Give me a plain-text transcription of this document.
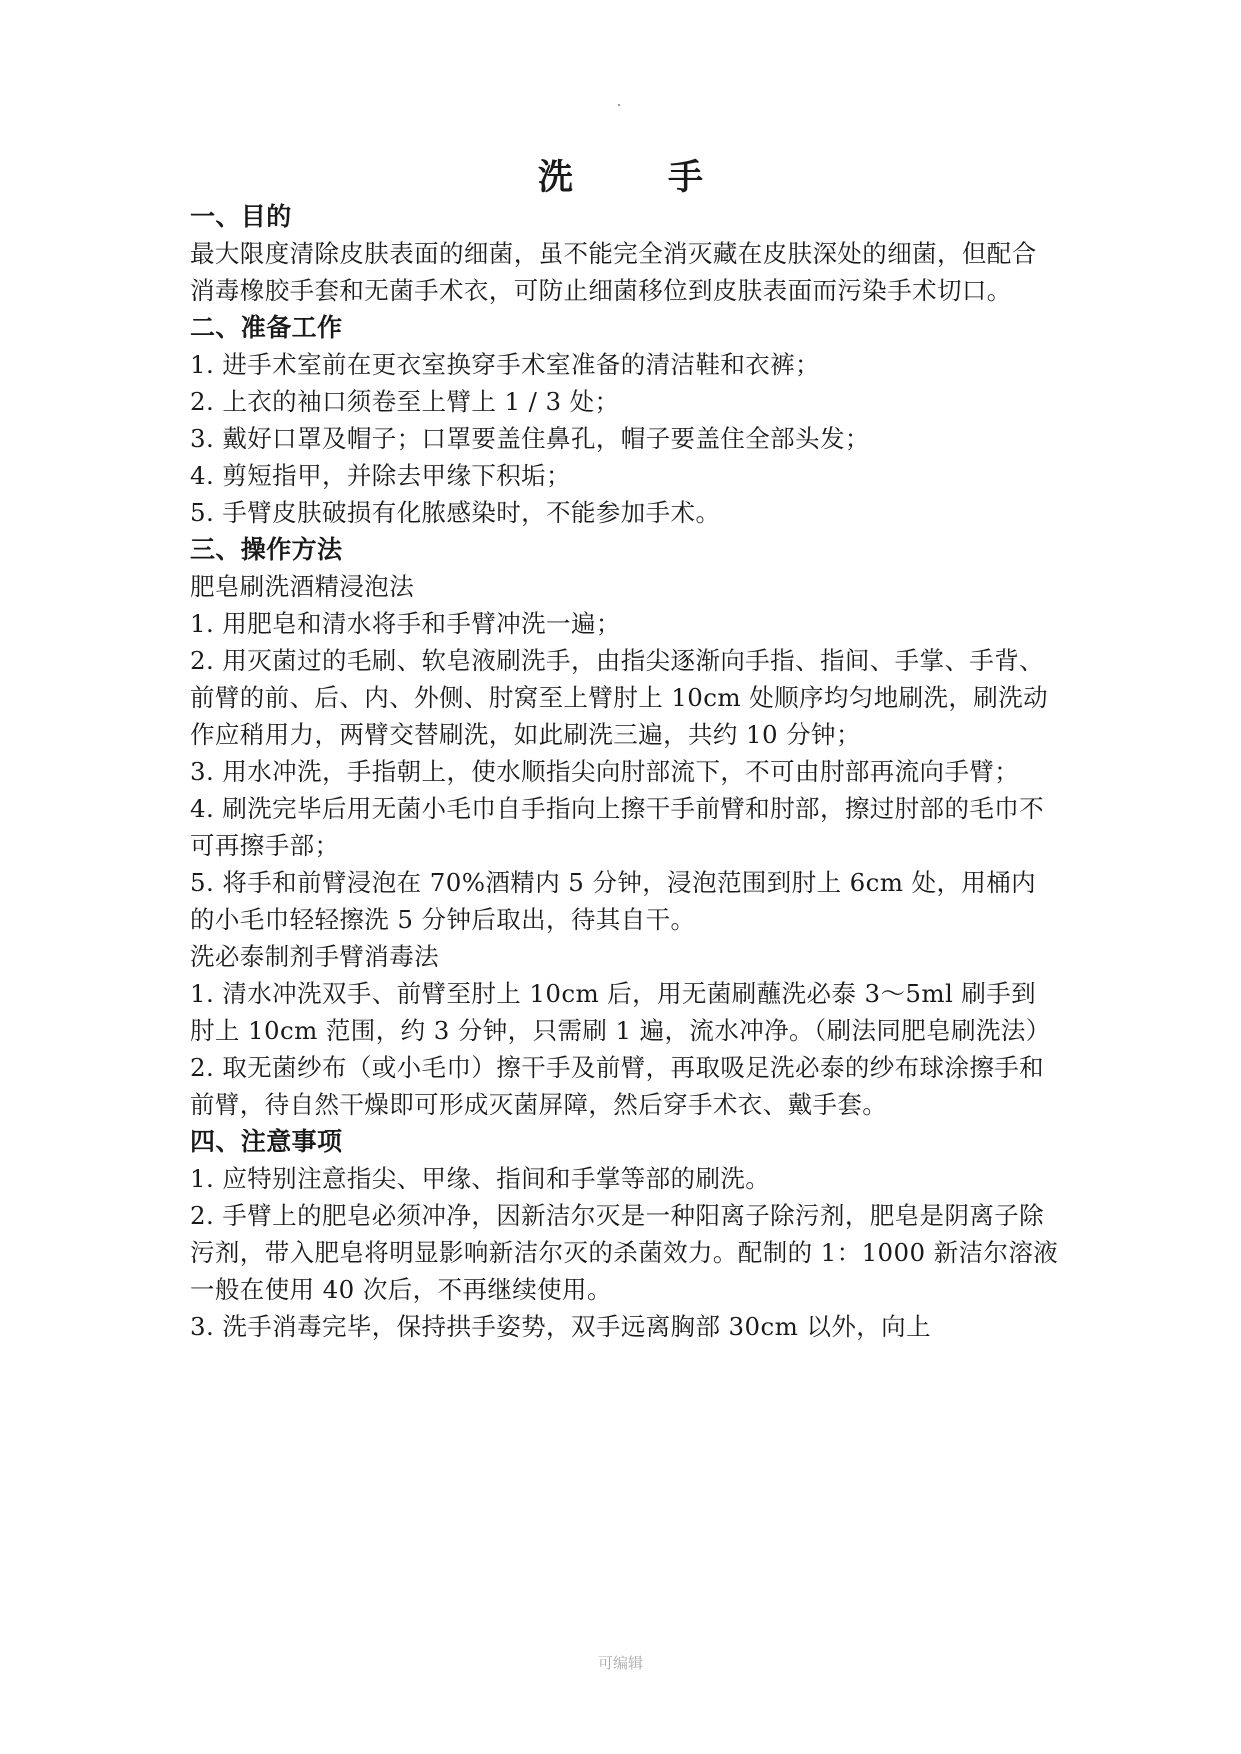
洗　手

一、目的

最大限度清除皮肤表面的细菌，虽不能完全消灭藏在皮肤深处的细菌，但配合消毒橡胶手套和无菌手术衣，可防止细菌移位到皮肤表面而污染手术切口。

二、准备工作

1. 进手术室前在更衣室换穿手术室准备的清洁鞋和衣裤；

2. 上衣的袖口须卷至上臂上 1 / 3 处；

3. 戴好口罩及帽子；口罩要盖住鼻孔，帽子要盖住全部头发；

4. 剪短指甲，并除去甲缘下积垢；

5. 手臂皮肤破损有化脓感染时，不能参加手术。

三、操作方法

肥皂刷洗酒精浸泡法

1. 用肥皂和清水将手和手臂冲洗一遍；

2. 用灭菌过的毛刷、软皂液刷洗手，由指尖逐渐向手指、指间、手掌、手背、前臂的前、后、内、外侧、肘窝至上臂肘上 10cm 处顺序均匀地刷洗，刷洗动作应稍用力，两臂交替刷洗，如此刷洗三遍，共约 10 分钟；

3. 用水冲洗，手指朝上，使水顺指尖向肘部流下，不可由肘部再流向手臂；

4. 刷洗完毕后用无菌小毛巾自手指向上擦干手前臂和肘部，擦过肘部的毛巾不可再擦手部；

5. 将手和前臂浸泡在 70%酒精内 5 分钟，浸泡范围到肘上 6cm 处，用桶内的小毛巾轻轻擦洗 5 分钟后取出，待其自干。

洗必泰制剂手臂消毒法

1. 清水冲洗双手、前臂至肘上 10cm 后，用无菌刷蘸洗必泰 3～5ml 刷手到肘上 10cm 范围，约 3 分钟，只需刷 1 遍，流水冲净。（刷法同肥皂刷洗法）

2. 取无菌纱布（或小毛巾）擦干手及前臂，再取吸足洗必泰的纱布球涂擦手和前臂，待自然干燥即可形成灭菌屏障，然后穿手术衣、戴手套。

四、注意事项

1. 应特别注意指尖、甲缘、指间和手掌等部的刷洗。

2. 手臂上的肥皂必须冲净，因新洁尔灭是一种阳离子除污剂，肥皂是阴离子除污剂，带入肥皂将明显影响新洁尔灭的杀菌效力。配制的 1：1000 新洁尔溶液一般在使用 40 次后，不再继续使用。

3. 洗手消毒完毕，保持拱手姿势，双手远离胸部 30cm 以外，向上

可编辑
